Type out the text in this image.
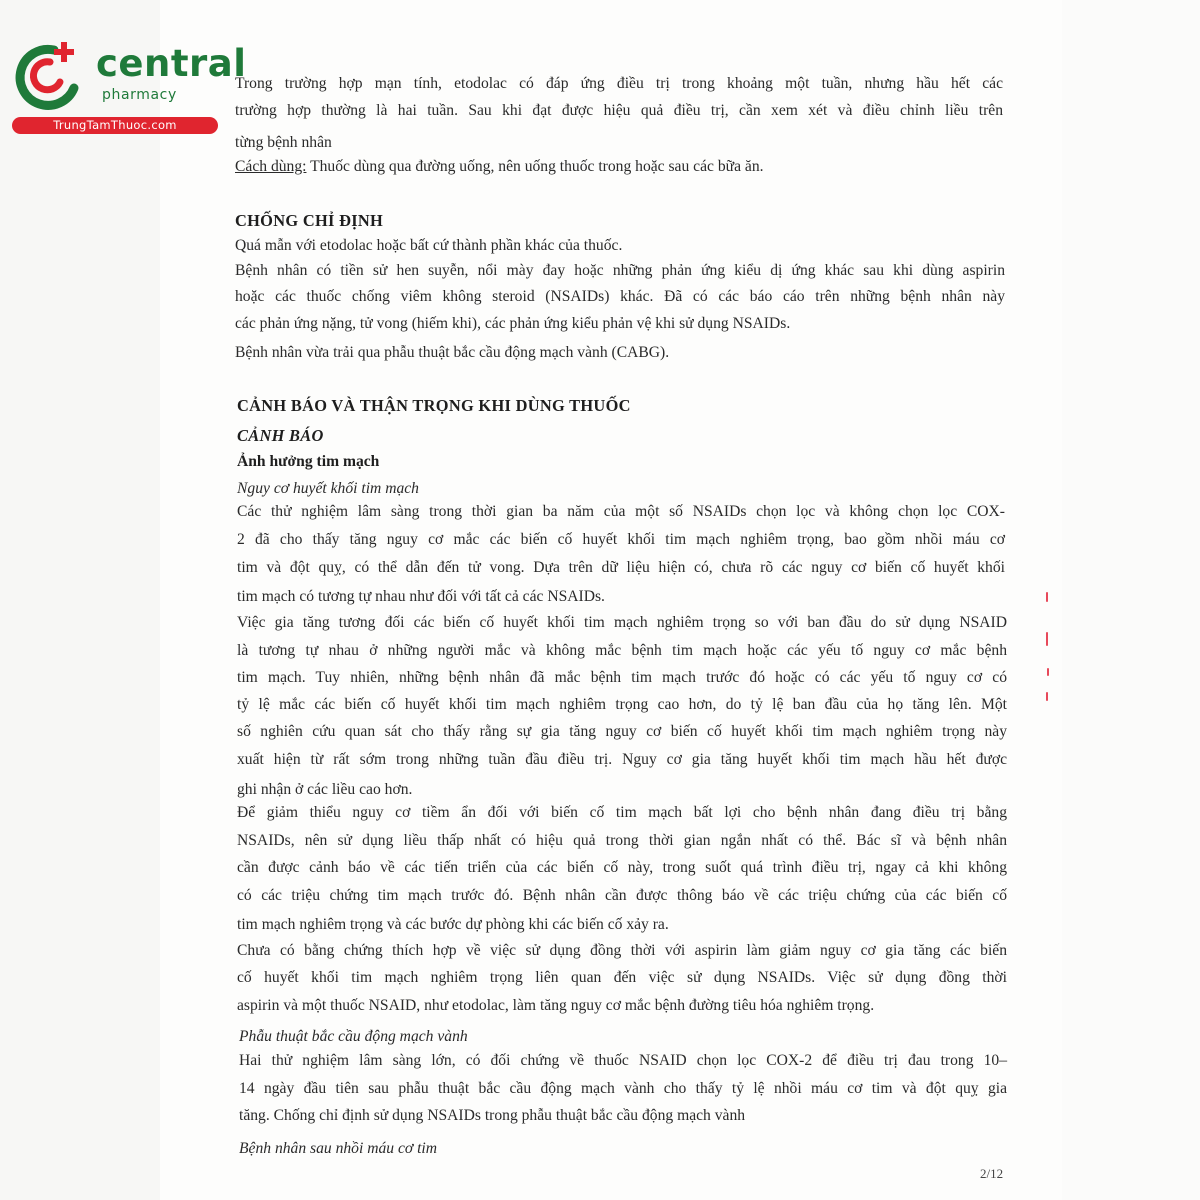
central
pharmacy
TrungTamThuoc.com
Trong trường hợp mạn tính, etodolac có đáp ứng điều trị trong khoảng một tuần, nhưng hầu hết các
trường hợp thường là hai tuần. Sau khi đạt được hiệu quả điều trị, cần xem xét và điều chỉnh liều trên
từng bệnh nhân
Cách dùng: Thuốc dùng qua đường uống, nên uống thuốc trong hoặc sau các bữa ăn.
CHỐNG CHỈ ĐỊNH
Quá mẫn với etodolac hoặc bất cứ thành phần khác của thuốc.
Bệnh nhân có tiền sử hen suyễn, nổi mày đay hoặc những phản ứng kiểu dị ứng khác sau khi dùng aspirin
hoặc các thuốc chống viêm không steroid (NSAIDs) khác. Đã có các báo cáo trên những bệnh nhân này
các phản ứng nặng, tử vong (hiếm khi), các phản ứng kiểu phản vệ khi sử dụng NSAIDs.
Bệnh nhân vừa trải qua phẫu thuật bắc cầu động mạch vành (CABG).
CẢNH BÁO VÀ THẬN TRỌNG KHI DÙNG THUỐC
CẢNH BÁO
Ảnh hưởng tim mạch
Nguy cơ huyết khối tim mạch
Các thử nghiệm lâm sàng trong thời gian ba năm của một số NSAIDs chọn lọc và không chọn lọc COX-
2 đã cho thấy tăng nguy cơ mắc các biến cố huyết khối tim mạch nghiêm trọng, bao gồm nhồi máu cơ
tim và đột quỵ, có thể dẫn đến tử vong. Dựa trên dữ liệu hiện có, chưa rõ các nguy cơ biến cố huyết khối
tim mạch có tương tự nhau như đối với tất cả các NSAIDs.
Việc gia tăng tương đối các biến cố huyết khối tim mạch nghiêm trọng so với ban đầu do sử dụng NSAID
là tương tự nhau ở những người mắc và không mắc bệnh tim mạch hoặc các yếu tố nguy cơ mắc bệnh
tim mạch. Tuy nhiên, những bệnh nhân đã mắc bệnh tim mạch trước đó hoặc có các yếu tố nguy cơ có
tỷ lệ mắc các biến cố huyết khối tim mạch nghiêm trọng cao hơn, do tỷ lệ ban đầu của họ tăng lên. Một
số nghiên cứu quan sát cho thấy rằng sự gia tăng nguy cơ biến cố huyết khối tim mạch nghiêm trọng này
xuất hiện từ rất sớm trong những tuần đầu điều trị. Nguy cơ gia tăng huyết khối tim mạch hầu hết được
ghi nhận ở các liều cao hơn.
Để giảm thiểu nguy cơ tiềm ẩn đối với biến cố tim mạch bất lợi cho bệnh nhân đang điều trị bằng
NSAIDs, nên sử dụng liều thấp nhất có hiệu quả trong thời gian ngắn nhất có thể. Bác sĩ và bệnh nhân
cần được cảnh báo về các tiến triển của các biến cố này, trong suốt quá trình điều trị, ngay cả khi không
có các triệu chứng tim mạch trước đó. Bệnh nhân cần được thông báo về các triệu chứng của các biến cố
tim mạch nghiêm trọng và các bước dự phòng khi các biến cố xảy ra.
Chưa có bằng chứng thích hợp về việc sử dụng đồng thời với aspirin làm giảm nguy cơ gia tăng các biến
cố huyết khối tim mạch nghiêm trọng liên quan đến việc sử dụng NSAIDs. Việc sử dụng đồng thời
aspirin và một thuốc NSAID, như etodolac, làm tăng nguy cơ mắc bệnh đường tiêu hóa nghiêm trọng.
Phẫu thuật bắc cầu động mạch vành
Hai thử nghiệm lâm sàng lớn, có đối chứng về thuốc NSAID chọn lọc COX-2 để điều trị đau trong 10–
14 ngày đầu tiên sau phẫu thuật bắc cầu động mạch vành cho thấy tỷ lệ nhồi máu cơ tim và đột quỵ gia
tăng. Chống chỉ định sử dụng NSAIDs trong phẫu thuật bắc cầu động mạch vành
Bệnh nhân sau nhồi máu cơ tim
2/12
